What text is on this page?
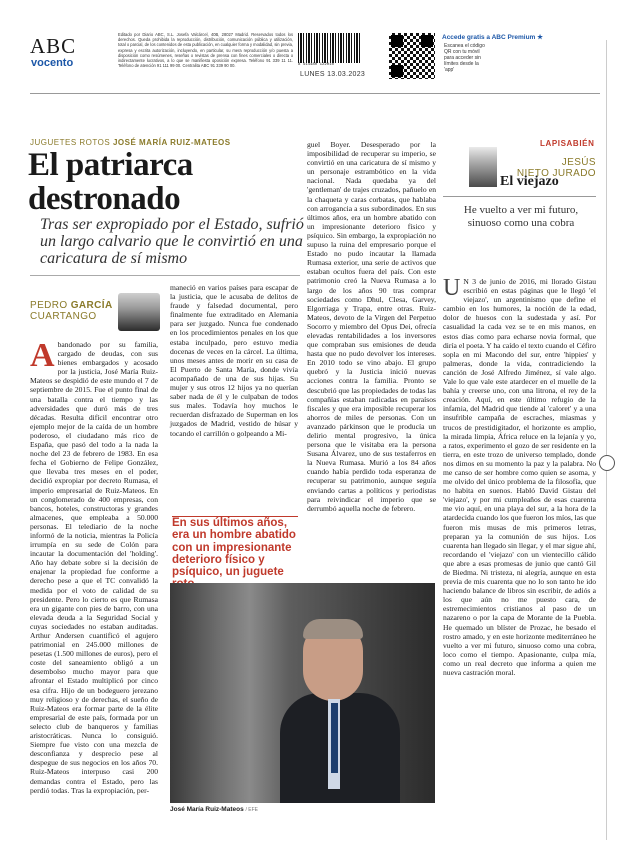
ABC
vocento
Editado por Diario ABC, S.L. Josefa Valcárcel, 40B, 28027 Madrid. Reservados todos los derechos. Queda prohibida la reproducción, distribución, comunicación pública y utilización, total o parcial, de los contenidos de esta publicación, en cualquier forma y modalidad, sin previa, expresa y escrita autorización, incluyendo, en particular, su mera reproducción y/o puesta a disposición como resúmenes, reseñas o revistas de prensa con fines comerciales o directa o indirectamente lucrativos, a lo que se manifiesta oposición expresa. Teléfono 91 339 11 11. Teléfono de atención 91 111 99 00. Centralita ABC 91 339 90 00.	8 414480 122010
LUNES 13.03.2023
Accede gratis a ABC Premium ★
Escanea el código QR con tu móvil para acceder sin límites desde la 'app'
JUGUETES ROTOS JOSÉ MARÍA RUIZ-MATEOS
El patriarca destronado
Tras ser expropiado por el Estado, sufrió un largo calvario que le convirtió en una caricatura de sí mismo
PEDRO GARCÍA
CUARTANGO
A bandonado por su familia, cargado de deudas, con sus bienes embargados y acosado por la justicia, José María Ruiz-Mateos se despidió de este mundo el 7 de septiembre de 2015. Fue el punto final de una batalla contra el tiempo y las adversidades que duró más de tres décadas. Resulta difícil encontrar otro ejemplo mejor de la caída de un hombre poderoso, el ciudadano más rico de España, que pasó del todo a la nada la noche del 23 de febrero de 1983. En esa fecha el Gobierno de Felipe González, que llevaba tres meses en el poder, decidió expropiar por decreto Rumasa, el imperio empresarial de Ruiz-Mateos. En un conglomerado de 400 empresas, con bancos, hoteles, constructoras y grandes almacenes, que empleaba a 50.000 personas. El telediario de la noche informó de la noticia, mientras la Policía irrumpía en su sede de Colón para incautar la documentación del 'holding'. Año hay debate sobre si la decisión de enajenar la propiedad fue conforme a derecho pese a que el TC convalidó la medida por el voto de calidad de su presidente. Pero lo cierto es que Rumasa era un gigante con pies de barro, con una elevada deuda a la Seguridad Social y cuyas sociedades no estaban auditadas. Arthur Andersen cuantificó el agujero patrimonial en 245.000 millones de pesetas (1.500 millones de euros), pero el coste del saneamiento obligó a un desembolso mucho mayor para que afrontar el Estado multiplicó por cinco esa cifra. Hijo de un bodeguero jerezano muy religioso y de derechas, el sueño de Ruiz-Mateos era formar parte de la élite empresarial de este país, formada por un selecto club de banqueros y familias aristocráticas. Nunca lo consiguió. Siempre fue visto con una mezcla de desconfianza y desprecio pese al despegue de sus negocios en los años 70. Ruiz-Mateos interpuso casi 200 demandas contra el Estado, pero las perdió todas. Tras la expropiación, per-
maneció en varios países para escapar de la justicia, que le acusaba de delitos de fraude y falsedad documental, pero finalmente fue extraditado en Alemania para ser juzgado. Nunca fue condenado en los procedimientos penales en los que estaba inculpado, pero estuvo media docenas de veces en la cárcel. La última, unos meses antes de morir en su casa de El Puerto de Santa María, donde vivía acompañado de una de sus hijas. Su mujer y sus otros 12 hijos ya no querían saber nada de él y le culpaban de todos sus males. Todavía hoy muchos le recuerdan disfrazado de Superman en los juzgados de Madrid, vestido de húsar y tocando el carrillón o golpeando a Mi-
En sus últimos años, era un hombre abatido con un impresionante deterioro físico y psíquico, un juguete
guel Boyer. Desesperado por la imposibilidad de recuperar su imperio, se convirtió en una caricatura de sí mismo y un personaje estrambótico en la vida nacional. Nada quedaba ya del 'gentleman' de trajes cruzados, pañuelo en la chaqueta y caras corbatas, que hablaba con arrogancia a sus subordinados. En sus últimos años, era un hombre abatido con un impresionante deterioro físico y psíquico. Sin embargo, la expropiación no supuso la ruina del empresario porque el Estado no pudo incautar la llamada Rumasa exterior, una serie de activos que estaban ocultos fuera del país. Con este patrimonio creó la Nueva Rumasa a lo largo de los años 90 tras comprar sociedades como Dhul, Clesa, Garvey, Elgorriaga y Trapa, entre otras. Ruiz-Mateos, devoto de la Virgen del Perpetuo Socorro y miembro del Opus Dei, ofrecía elevadas rentabilidades a los inversores que compraban sus emisiones de deuda hasta que no pudo devolver los intereses. En 2010 todo se vino abajo. El grupo quebró y la Justicia inició nuevas acciones contra la familia. Pronto se descubrió que las propiedades de todas las compañías estaban radicadas en paraísos fiscales y que era imposible recuperar los ahorros de miles de personas. Con un avanzado párkinson que le producía un delirio mental progresivo, la única persona que le visitaba era la persona Susana Álvarez, uno de sus testaferros en la Nueva Rumasa. Murió a los 84 años cuando había perdido toda esperanza de recuperar su patrimonio, aunque seguía enviando cartas a políticos y periodistas para reivindicar el imperio que se derrumbó aquella noche de febrero.
José María Ruiz-Mateos / EFE
LAPISABIÉN
JESÚS
NIETO JURADO
El viejazo
He vuelto a ver mi futuro, sinuoso como una cobra
U N 3 de junio de 2016, mi llorado Gistau escribió en estas páginas que le llegó 'el viejazo', un argentinismo que define el cambio en los humores, la noción de la edad, dolor de huesos con la sudestada y así. Por casualidad la cada vez se te en mis manos, en estos días como para echarse novia formal, que diría el poeta. Y ha caído el texto cuando el Céfiro sopla en mi Macondo del sur, entre 'hippies' y palmeras, donde la vida, contradiciendo la canción de José Alfredo Jiménez, sí vale algo. Vale lo que vale este atardecer en el muelle de la bahía y creerse uno, con una litrona, el rey de la creación. Aquí, en este último refugio de la infamia, del Madrid que tiende al 'caloret' y a una insufrible campaña de escraches, miasmas y trucos de prestidigitador, el horizonte es amplio, la mirada limpia, África reluce en la lejanía y yo, a ratos, experimento el gozo de ser residente en la tierra, en este trozo de universo templado, donde nos dimos en su momento la paz y la palabra. No me canso de ser hombre como quien se asoma, y me olvido del único problema de la filosofía, que no habita en suenos. Habló David Gistau del 'viejazo', y por mi cumpleaños de esas cuarenta me vio aquí, en una playa del sur, a la hora de la atardecida cuando los que fueron los míos, las que fueron mis musas de mis primeros letras, preparan ya la comunión de sus hijos. Los cuarenta han llegado sin llegar, y el mar sigue ahí, recordando el 'viejazo' con un vientecillo cálido que abre a esas promesas de junio que cantó Gil de Biedma. Ni tristeza, ni alegría, aunque en esta previa de mis cuarenta que no lo son tanto he ido haciendo balance de libros sin escribir, de adiós a los que aún no me puesto cara, de estremecimientos cristianos al paso de un nazareno o por la capa de Morante de la Puebla. He quemado un blíster de Prozac, he besado el rostro amado, y en este horizonte mediterráneo he vuelto a ver mi futuro, sinuoso como una cobra, loco como el tiempo. Apasionante, culpa mía, como un real decreto que informa a quien me nueva castración moral.
